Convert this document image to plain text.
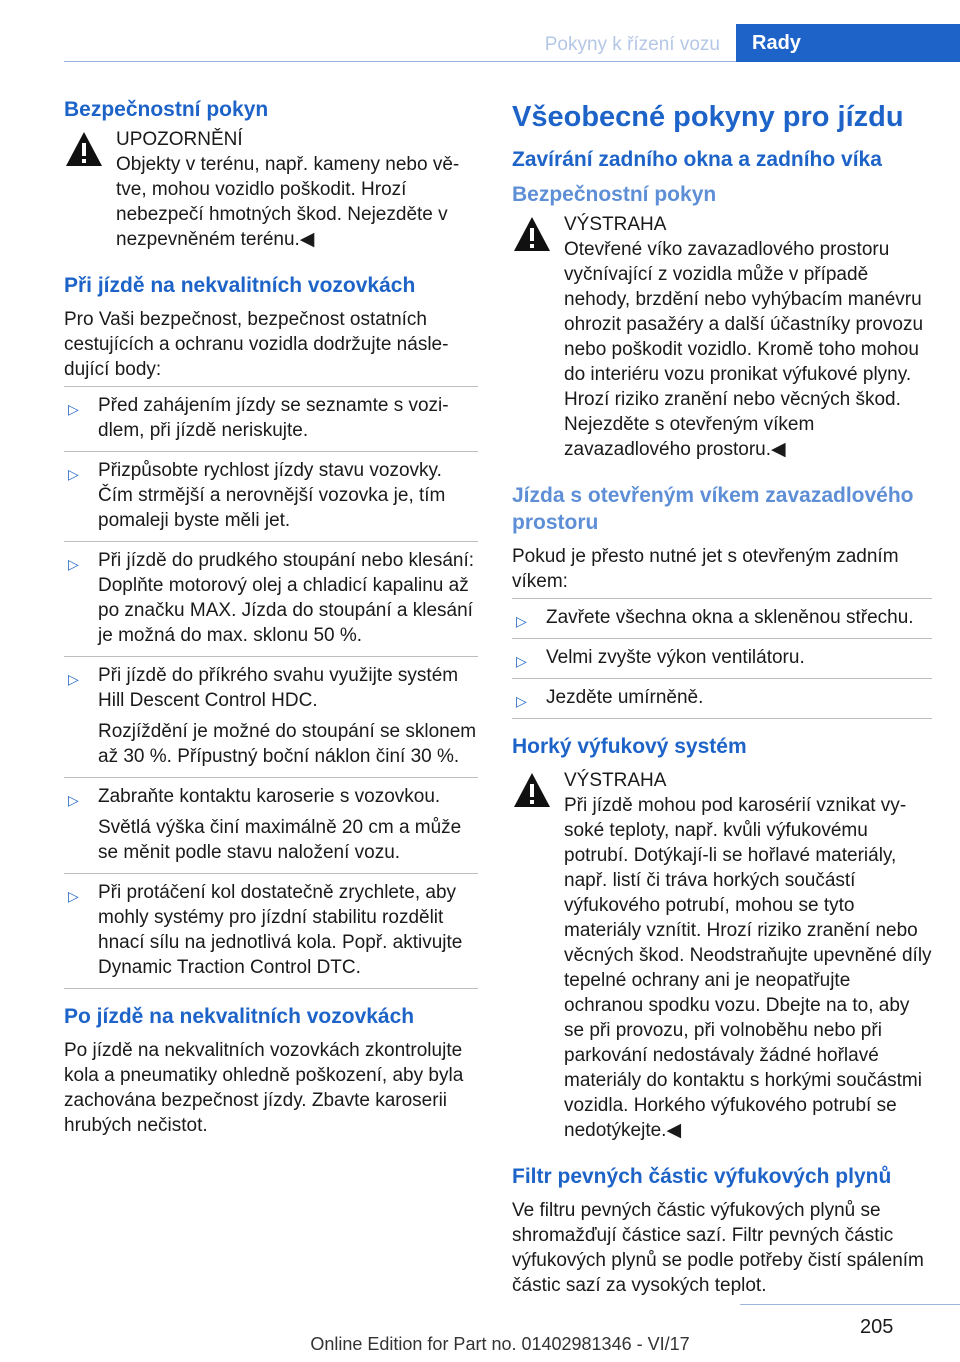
Pokyny k řízení vozu	Rady
Bezpečnostní pokyn
UPOZORNĚNÍ

Objekty v terénu, např. kameny nebo větve, mohou vozidlo poškodit. Hrozí nebezpečí hmotných škod. Nejezděte v nezpevněném terénu.◀

Při jízdě na nekvalitních vozovkách

Pro Vaši bezpečnost, bezpečnost ostatních cestujících a ochranu vozidla dodržujte následující body:

▷ Před zahájením jízdy se seznamte s vozidlem, při jízdě neriskujte.
▷ Přizpůsobte rychlost jízdy stavu vozovky. Čím strmější a nerovnější vozovka je, tím pomaleji byste měli jet.
▷ Při jízdě do prudkého stoupání nebo klesání: Doplňte motorový olej a chladicí kapalinu až po značku MAX. Jízda do stoupání a klesání je možná do max. sklonu 50 %.
▷ Při jízdě do příkrého svahu využijte systém Hill Descent Control HDC.
Rozjíždění je možné do stoupání se sklonem až 30 %. Přípustný boční náklon činí 30 %.
▷ Zabraňte kontaktu karoserie s vozovkou.
Světlá výška činí maximálně 20 cm a může se měnit podle stavu naložení vozu.
▷ Při protáčení kol dostatečně zrychlete, aby mohly systémy pro jízdní stabilitu rozdělit hnací sílu na jednotlivá kola. Popř. aktivujte Dynamic Traction Control DTC.
Po jízdě na nekvalitních vozovkách

Po jízdě na nekvalitních vozovkách zkontrolujte kola a pneumatiky ohledně poškození, aby byla zachována bezpečnost jízdy. Zbavte karoserii hrubých nečistot.

Všeobecné pokyny pro jízdu
Zavírání zadního okna a zadního víka
Bezpečnostní pokyn
VÝSTRAHA

Otevřené víko zavazadlového prostoru vyčnívající z vozidla může v případě nehody, brzdění nebo vyhýbacím manévru ohrozit pasažéry a další účastníky provozu nebo poškodit vozidlo. Kromě toho mohou do interiéru vozu pronikat výfukové plyny. Hrozí riziko zranění nebo věcných škod. Nejezděte s otevřeným víkem zavazadlového prostoru.◀

Jízda s otevřeným víkem zavazadlového prostoru

Pokud je přesto nutné jet s otevřeným zadním víkem:

▷ Zavřete všechna okna a skleněnou střechu.
▷ Velmi zvyšte výkon ventilátoru.
▷ Jezděte umírněně.
Horký výfukový systém
VÝSTRAHA

Při jízdě mohou pod karosérií vznikat vysoké teploty, např. kvůli výfukovému potrubí. Dotýkají-li se hořlavé materiály, např. listí či tráva horkých součástí výfukového potrubí, mohou se tyto materiály vznítit. Hrozí riziko zranění nebo věcných škod. Neodstraňujte upevněné díly tepelné ochrany ani je neopatřujte ochranou spodku vozu. Dbejte na to, aby se při provozu, při volnoběhu nebo při parkování nedostávaly žádné hořlavé materiály do kontaktu s horkými součástmi vozidla. Horkého výfukového potrubí se nedotýkejte.◀

Filtr pevných částic výfukových plynů

Ve filtru pevných částic výfukových plynů se shromažďují částice sazí. Filtr pevných částic výfukových plynů se podle potřeby čistí spálením částic sazí za vysokých teplot.

205
Online Edition for Part no. 01402981346 - VI/17
